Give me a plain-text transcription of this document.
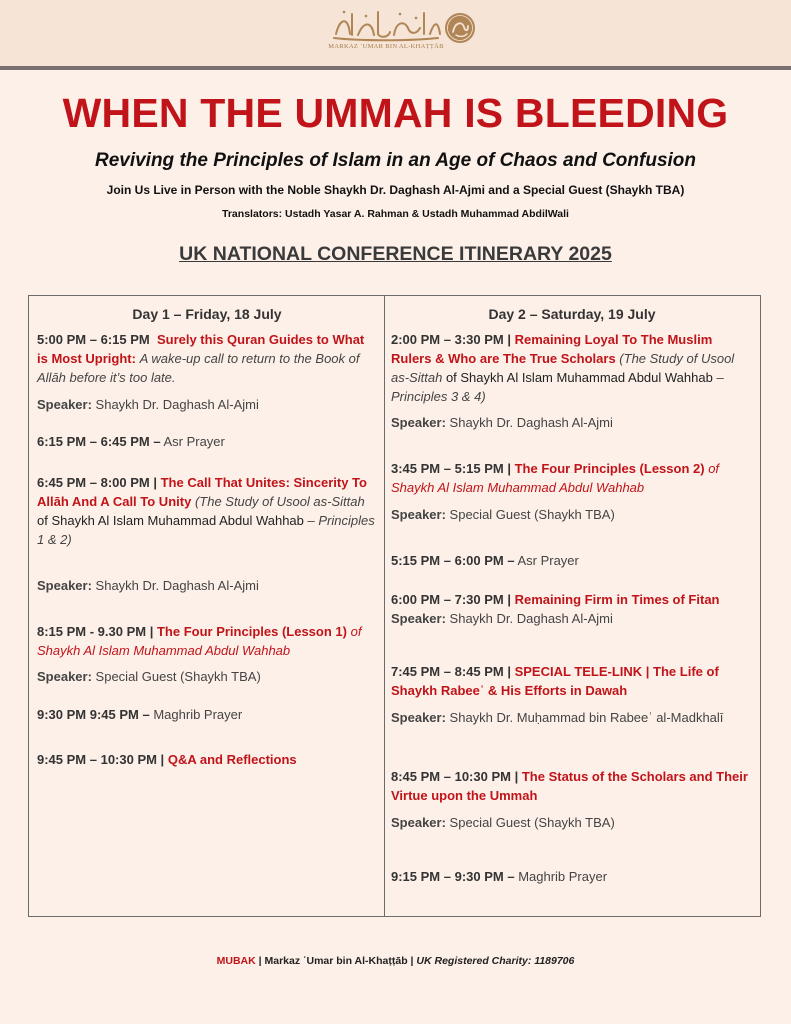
MARKAZ ʿUMAR BIN AL-KHAṬṬĀB
WHEN THE UMMAH IS BLEEDING
Reviving the Principles of Islam in an Age of Chaos and Confusion
Join Us Live in Person with the Noble Shaykh Dr. Daghash Al-Ajmi and a Special Guest (Shaykh TBA)
Translators: Ustadh Yasar A. Rahman & Ustadh Muhammad AbdilWali
UK NATIONAL CONFERENCE ITINERARY 2025
Day 1 – Friday, 18 July
5:00 PM – 6:15 PM Surely this Quran Guides to What is Most Upright: A wake-up call to return to the Book of Allāh before it’s too late.
Speaker: Shaykh Dr. Daghash Al-Ajmi
6:15 PM – 6:45 PM – Asr Prayer
6:45 PM – 8:00 PM | The Call That Unites: Sincerity To Allāh And A Call To Unity (The Study of Usool as-Sittah of Shaykh Al Islam Muhammad Abdul Wahhab – Principles 1 & 2)
Speaker: Shaykh Dr. Daghash Al-Ajmi
8:15 PM - 9.30 PM | The Four Principles (Lesson 1) of Shaykh Al Islam Muhammad Abdul Wahhab
Speaker: Special Guest (Shaykh TBA)
9:30 PM 9:45 PM – Maghrib Prayer
9:45 PM – 10:30 PM | Q&A and Reflections
Day 2 – Saturday, 19 July
2:00 PM – 3:30 PM | Remaining Loyal To The Muslim Rulers & Who are The True Scholars (The Study of Usool as-Sittah of Shaykh Al Islam Muhammad Abdul Wahhab – Principles 3 & 4)
Speaker: Shaykh Dr. Daghash Al-Ajmi
3:45 PM – 5:15 PM | The Four Principles (Lesson 2) of Shaykh Al Islam Muhammad Abdul Wahhab
Speaker: Special Guest (Shaykh TBA)
5:15 PM – 6:00 PM – Asr Prayer
6:00 PM – 7:30 PM | Remaining Firm in Times of Fitan
Speaker: Shaykh Dr. Daghash Al-Ajmi
7:45 PM – 8:45 PM | SPECIAL TELE-LINK | The Life of Shaykh Rabeeʿ & His Efforts in Dawah
Speaker: Shaykh Dr. Muḥammad bin Rabeeʿ al-Madkhalī
8:45 PM – 10:30 PM | The Status of the Scholars and Their Virtue upon the Ummah
Speaker: Special Guest (Shaykh TBA)
9:15 PM – 9:30 PM – Maghrib Prayer
MUBAK | Markaz ʿUmar bin Al-Khaṭṭāb | UK Registered Charity: 1189706
